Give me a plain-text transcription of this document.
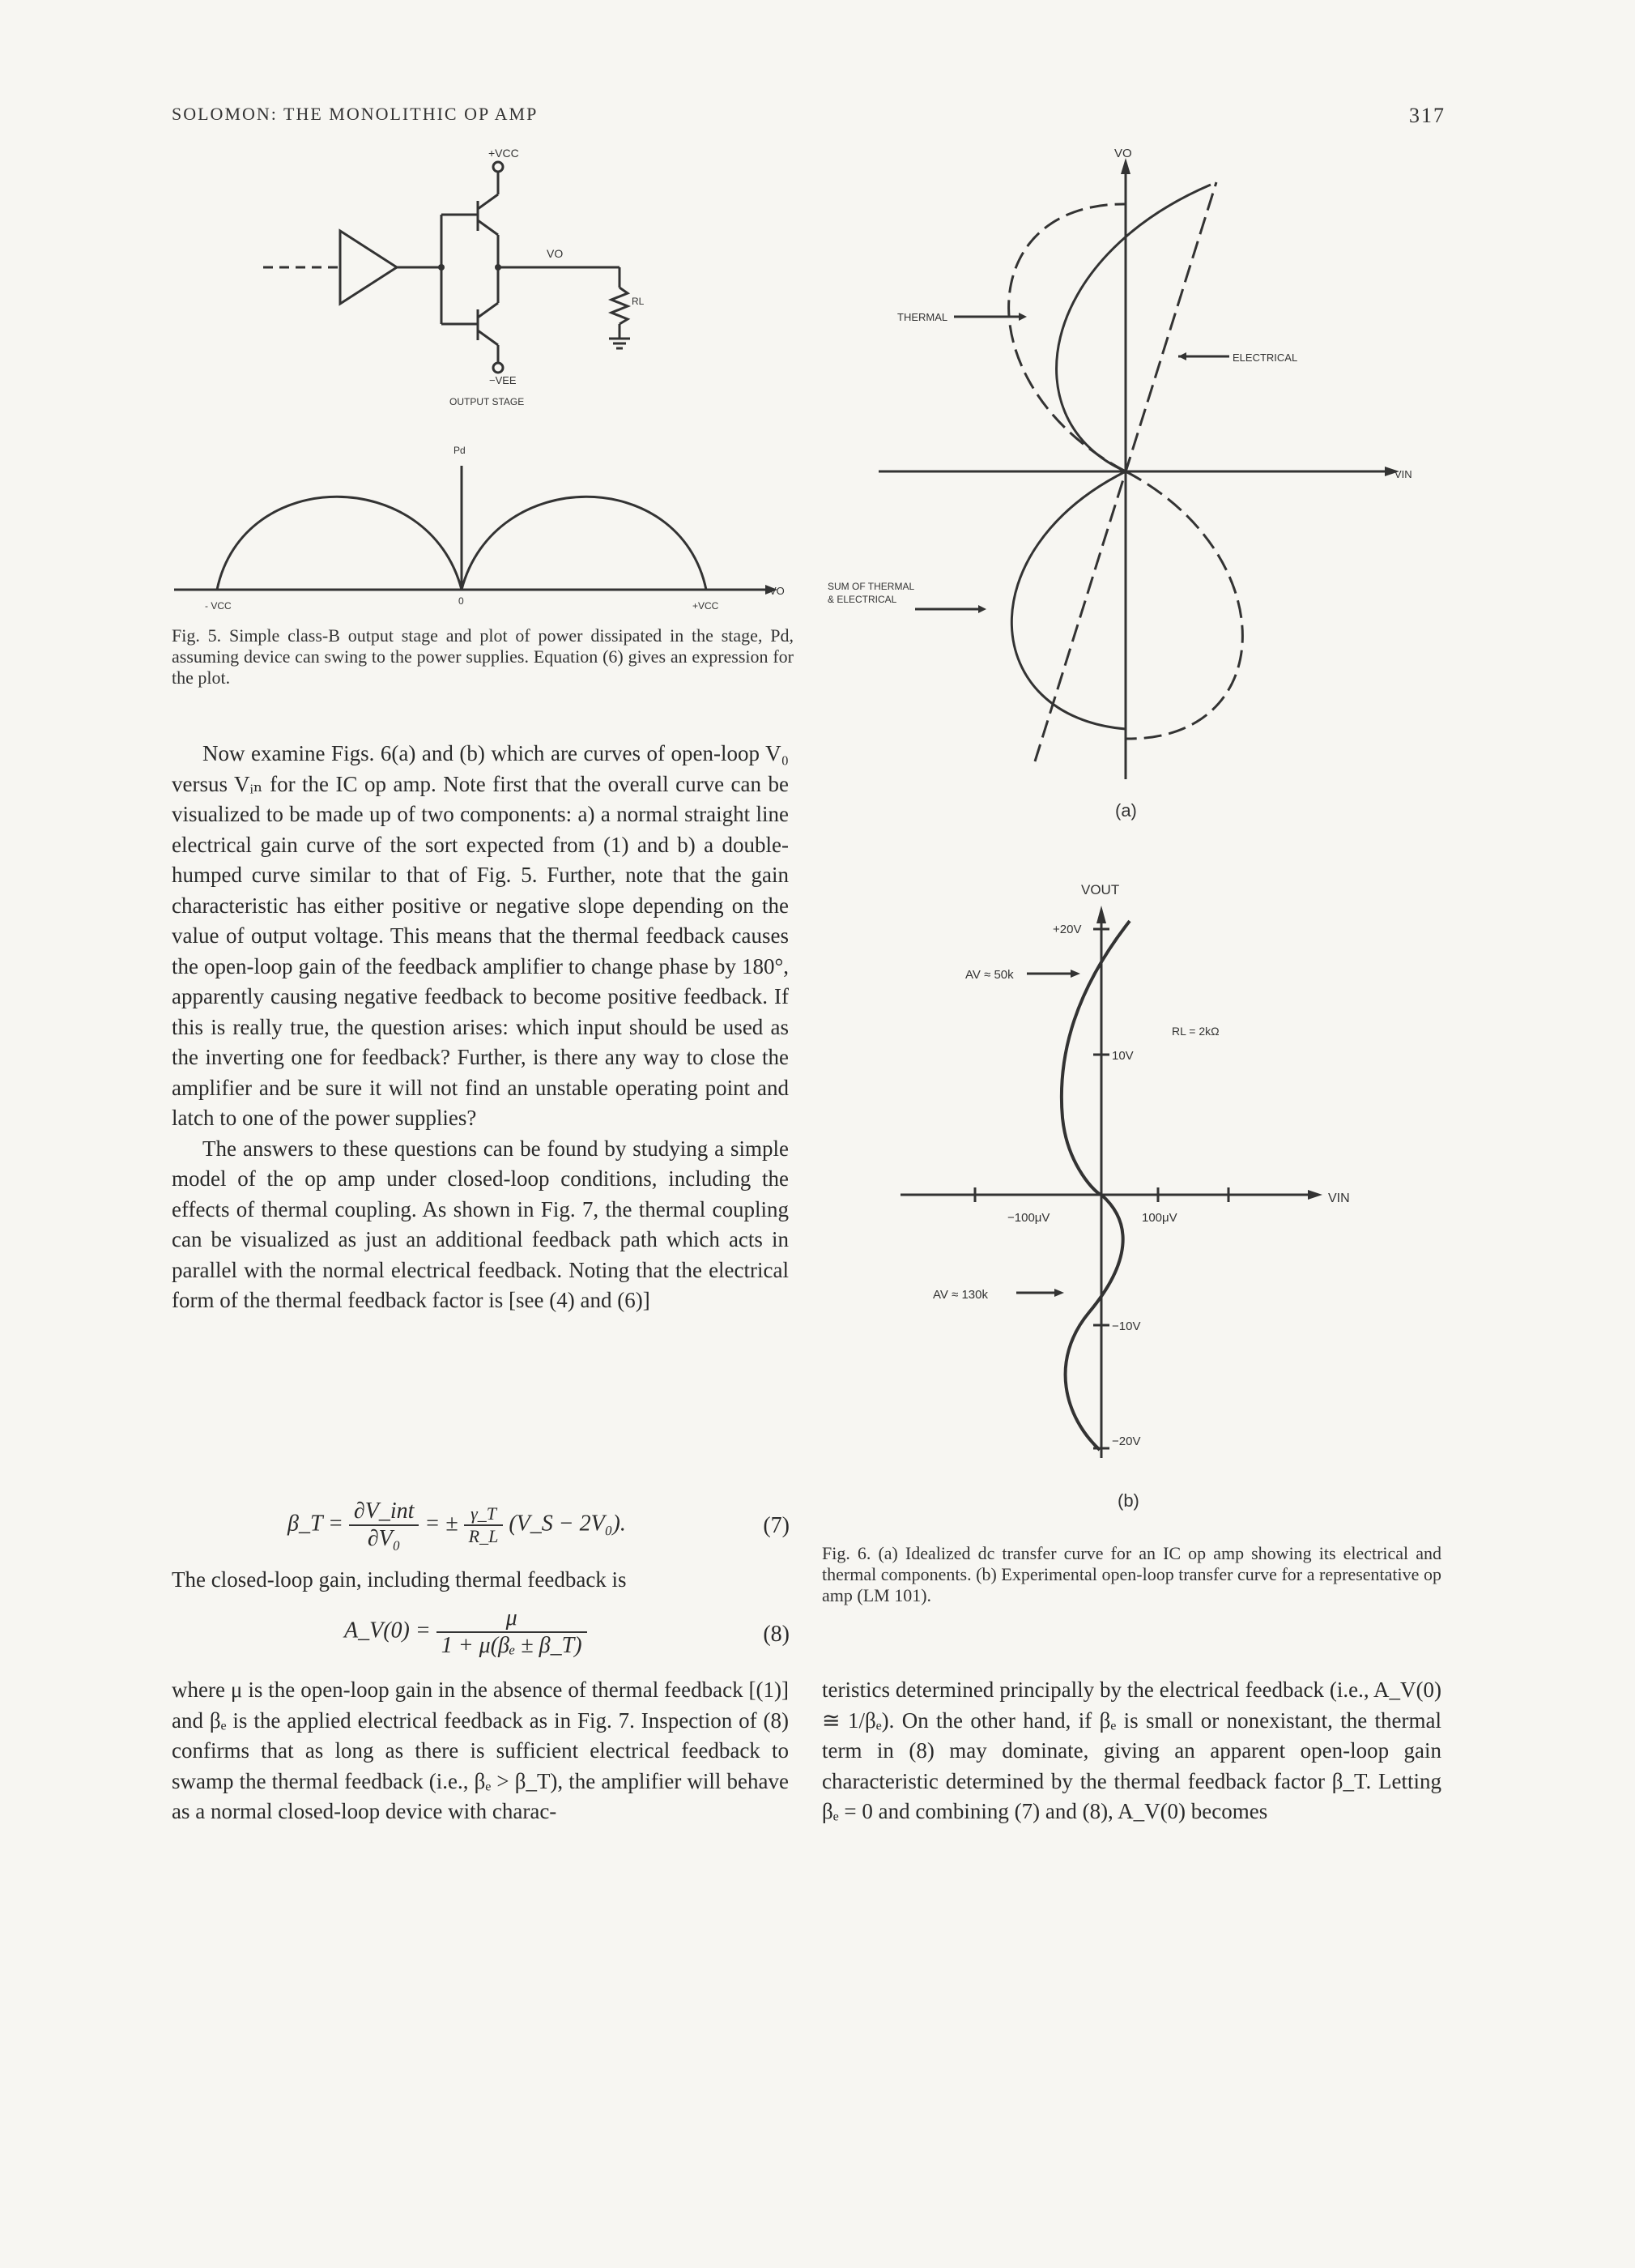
SOLOMON: THE MONOLITHIC OP AMP	317
+VCC
VO
RL
−VEE
OUTPUT STAGE
Pd
VO
- VCC	0	+VCC
Fig. 5. Simple class-B output stage and plot of power dissipated in the stage, Pd, assuming device can swing to the power supplies. Equation (6) gives an expression for the plot.
VO
VIN
THERMAL
ELECTRICAL
SUM OF THERMAL
& ELECTRICAL
(a)
VOUT
VIN
+20V
10V
−10V
−20V
−100μV	100μV
AV ≈ 50k
AV ≈ 130k
RL = 2kΩ
(b)
Fig. 6. (a) Idealized dc transfer curve for an IC op amp showing its electrical and thermal components. (b) Experimental open-loop transfer curve for a representative op amp (LM 101).

Now examine Figs. 6(a) and (b) which are curves of open-loop V₀ versus Vᵢₙ for the IC op amp. Note first that the overall curve can be visualized to be made up of two components: a) a normal straight line electrical gain curve of the sort expected from (1) and b) a double-humped curve similar to that of Fig. 5. Further, note that the gain characteristic has either positive or negative slope depending on the value of output voltage. This means that the thermal feedback causes the open-loop gain of the feedback amplifier to change phase by 180°, apparently causing negative feedback to become positive feedback. If this is really true, the question arises: which input should be used as the inverting one for feedback? Further, is there any way to close the amplifier and be sure it will not find an unstable operating point and latch to one of the power supplies?

The answers to these questions can be found by studying a simple model of the op amp under closed-loop conditions, including the effects of thermal coupling. As shown in Fig. 7, the thermal coupling can be visualized as just an additional feedback path which acts in parallel with the normal electrical feedback. Noting that the electrical form of the thermal feedback factor is [see (4) and (6)]

β_T = $\frac{\text{∂V\_int}}{\text{∂V₀}}$ = ± $\frac{\gamma\_T}{R\_L}$ (V_S − 2V₀).	(7)

The closed-loop gain, including thermal feedback is

A_V(0) = $\frac{\mu}{\text{1 + μ(βₑ ± β\_T)}}$	(8)

where μ is the open-loop gain in the absence of thermal feedback [(1)] and βₑ is the applied electrical feedback as in Fig. 7. Inspection of (8) confirms that as long as there is sufficient electrical feedback to swamp the thermal feedback (i.e., βₑ > β_T), the amplifier will behave as a normal closed-loop device with charac-

teristics determined principally by the electrical feedback (i.e., A_V(0) ≅ 1/βₑ). On the other hand, if βₑ is small or nonexistant, the thermal term in (8) may dominate, giving an apparent open-loop gain characteristic determined by the thermal feedback factor β_T. Letting βₑ = 0 and combining (7) and (8), A_V(0) becomes
